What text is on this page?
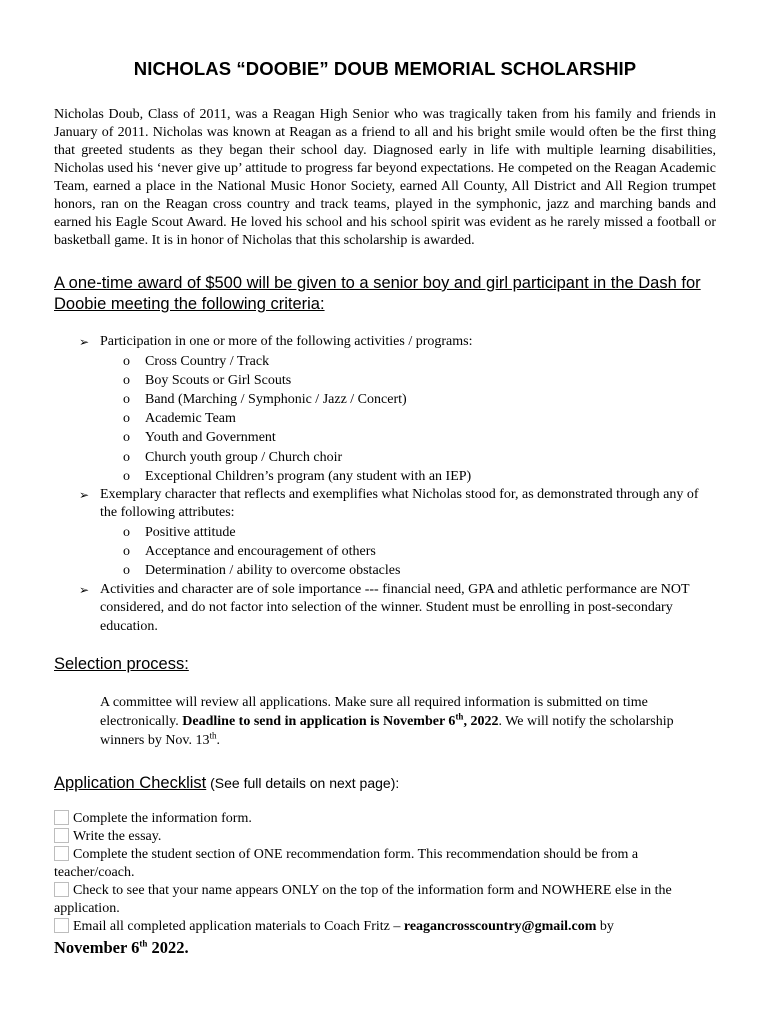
NICHOLAS “DOOBIE” DOUB MEMORIAL SCHOLARSHIP

Nicholas Doub, Class of 2011, was a Reagan High Senior who was tragically taken from his family and friends in January of 2011. Nicholas was known at Reagan as a friend to all and his bright smile would often be the first thing that greeted students as they began their school day. Diagnosed early in life with multiple learning disabilities, Nicholas used his ‘never give up’ attitude to progress far beyond expectations. He competed on the Reagan Academic Team, earned a place in the National Music Honor Society, earned All County, All District and All Region trumpet honors, ran on the Reagan cross country and track teams, played in the symphonic, jazz and marching bands and earned his Eagle Scout Award. He loved his school and his school spirit was evident as he rarely missed a football or basketball game. It is in honor of Nicholas that this scholarship is awarded.

A one-time award of $500 will be given to a senior boy and girl participant in the Dash for Doobie meeting the following criteria:
➢ Participation in one or more of the following activities / programs:
o Cross Country / Track
o Boy Scouts or Girl Scouts
o Band (Marching / Symphonic / Jazz / Concert)
o Academic Team
o Youth and Government
o Church youth group / Church choir
o Exceptional Children’s program (any student with an IEP)
➢ Exemplary character that reflects and exemplifies what Nicholas stood for, as demonstrated through any of the following attributes:
o Positive attitude
o Acceptance and encouragement of others
o Determination / ability to overcome obstacles
➢ Activities and character are of sole importance --- financial need, GPA and athletic performance are NOT considered, and do not factor into selection of the winner. Student must be enrolling in post-secondary education.
Selection process:
A committee will review all applications. Make sure all required information is submitted on time electronically. Deadline to send in application is November 6th, 2022. We will notify the scholarship winners by Nov. 13th.
Application Checklist (See full details on next page):
Complete the information form.
Write the essay.
Complete the student section of ONE recommendation form. This recommendation should be from a teacher/coach.
Check to see that your name appears ONLY on the top of the information form and NOWHERE else in the application.
Email all completed application materials to Coach Fritz – reagancrosscountry@gmail.com by
November 6th 2022.
